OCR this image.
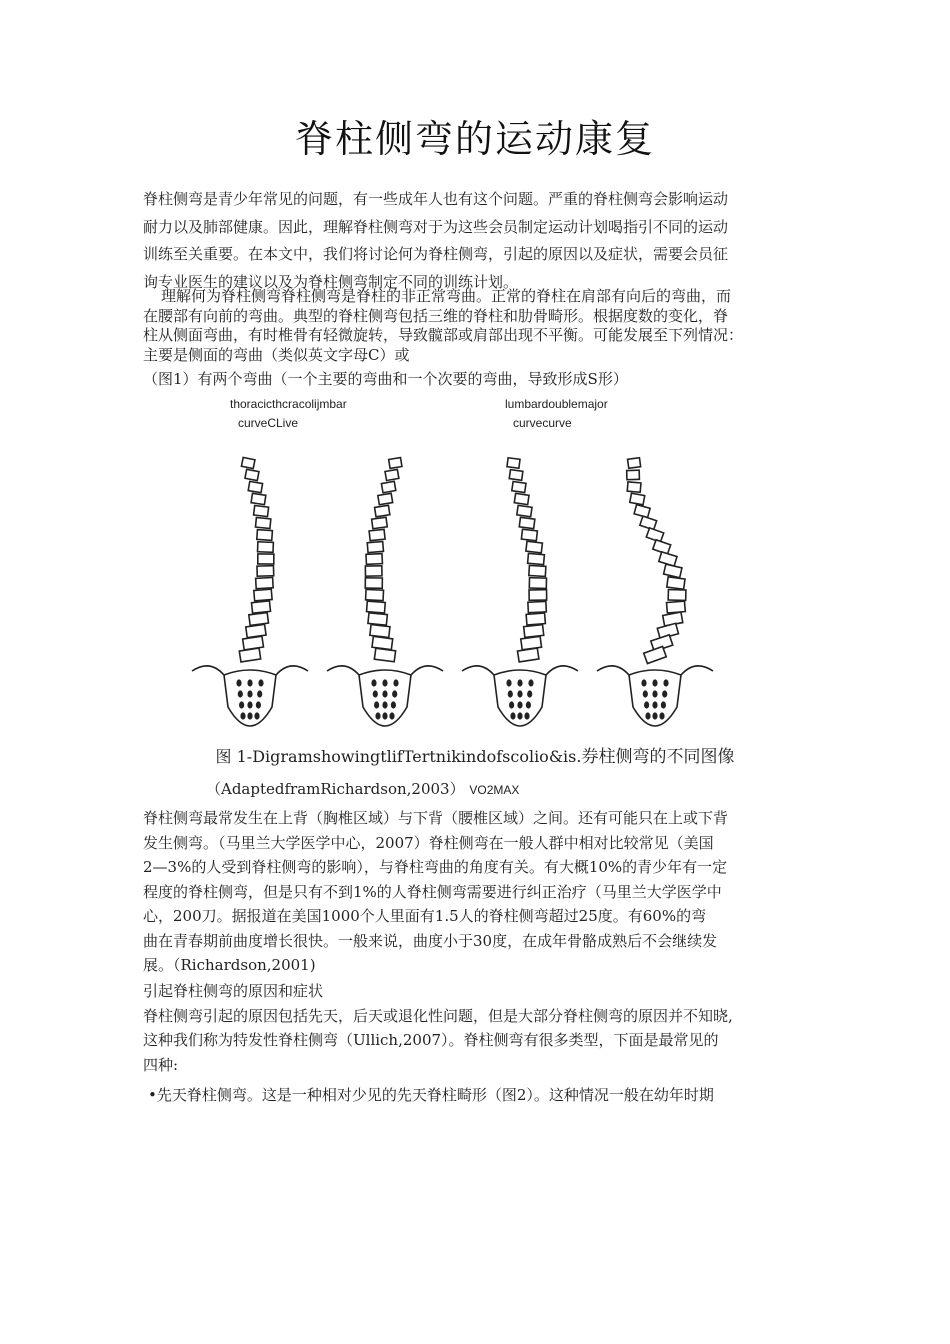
脊柱侧弯的运动康复

脊柱侧弯是青少年常见的问题，有一些成年人也有这个问题。严重的脊柱侧弯会影响运动

耐力以及肺部健康。因此，理解脊柱侧弯对于为这些会员制定运动计划喝指引不同的运动

训练至关重要。在本文中，我们将讨论何为脊柱侧弯，引起的原因以及症状，需要会员征

询专业医生的建议以及为脊柱侧弯制定不同的训练计划。

理解何为脊柱侧弯脊柱侧弯是脊柱的非正常弯曲。正常的脊柱在肩部有向后的弯曲，而

在腰部有向前的弯曲。典型的脊柱侧弯包括三维的脊柱和肋骨畸形。根据度数的变化，脊

柱从侧面弯曲，有时椎骨有轻微旋转，导致髋部或肩部出现不平衡。可能发展至下列情况：

主要是侧面的弯曲（类似英文字母C）或

（图1）有两个弯曲（一个主要的弯曲和一个次要的弯曲，导致形成S形）

thoracicthcracolijmbar
curveCLive
lumbardoublemajor
curvecurve
图 1-DigramshowingtlifTertnikindofscolio&is.券柱侧弯的不同图像
（AdaptedframRichardson,2003） VO2MAX

脊柱侧弯最常发生在上背（胸椎区域）与下背（腰椎区域）之间。还有可能只在上或下背

发生侧弯。（马里兰大学医学中心，2007）脊柱侧弯在一般人群中相对比较常见（美国

2—3%的人受到脊柱侧弯的影响），与脊柱弯曲的角度有关。有大概10%的青少年有一定

程度的脊柱侧弯，但是只有不到1%的人脊柱侧弯需要进行纠正治疗（马里兰大学医学中

心，200刀。据报道在美国1000个人里面有1.5人的脊柱侧弯超过25度。有60%的弯

曲在青春期前曲度增长很快。一般来说，曲度小于30度，在成年骨骼成熟后不会继续发

展。（Richardson,2001)

引起脊柱侧弯的原因和症状

脊柱侧弯引起的原因包括先天，后天或退化性问题，但是大部分脊柱侧弯的原因并不知晓,

这种我们称为特发性脊柱侧弯（Ullich,2007）。脊柱侧弯有很多类型，下面是最常见的

四种:

•先天脊柱侧弯。这是一种相对少见的先天脊柱畸形（图2）。这种情况一般在幼年时期
